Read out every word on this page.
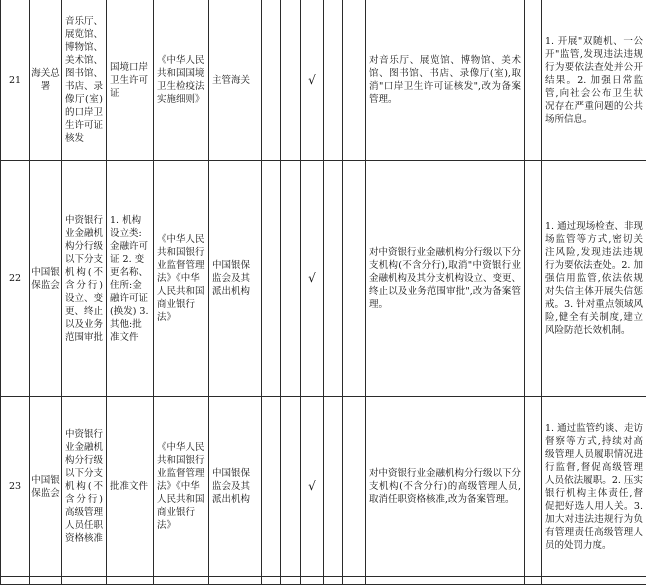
21	海关总署	音乐厅、展览馆、博物馆、美术馆、图书馆、书店、录像厅(室)的口岸卫生许可证核发	国境口岸卫生许可证	《中华人民共和国国境卫生检疫法实施细则》	主管海关			√			对音乐厅、展览馆、博物馆、美术馆、图书馆、书店、录像厅(室),取消"口岸卫生许可证核发",改为备案管理。		1. 开展"双随机、一公开"监管,发现违法违规行为要依法查处并公开结果。2. 加强日常监管,向社会公布卫生状况存在严重问题的公共场所信息。
22	中国银保监会	中资银行业金融机构分行级以下分支机构(不含分行)设立、变更、终止以及业务范围审批	1. 机构设立类:金融许可证 2. 变更名称、住所:金融许可证(换发) 3. 其他:批准文件	《中华人民共和国银行业监督管理法》《中华人民共和国商业银行法》	中国银保监会及其派出机构			√			对中资银行业金融机构分行级以下分支机构(不含分行),取消"中资银行业金融机构及其分支机构设立、变更、终止以及业务范围审批",改为备案管理。		1. 通过现场检查、非现场监管等方式,密切关注风险,发现违法违规行为要依法查处。2. 加强信用监管,依法依规对失信主体开展失信惩戒。3. 针对重点领域风险,健全有关制度,建立风险防范长效机制。
23	中国银保监会	中资银行业金融机构分行级以下分支机构(不含分行)高级管理人员任职资格核准	批准文件	《中华人民共和国银行业监督管理法》《中华人民共和国商业银行法》	中国银保监会及其派出机构			√			对中资银行业金融机构分行级以下分支机构(不含分行)的高级管理人员,取消任职资格核准,改为备案管理。		1. 通过监管约谈、走访督察等方式,持续对高级管理人员履职情况进行监督,督促高级管理人员依法履职。2. 压实银行机构主体责任,督促把好选人用人关。3. 加大对违法违规行为负有管理责任高级管理人员的处罚力度。
